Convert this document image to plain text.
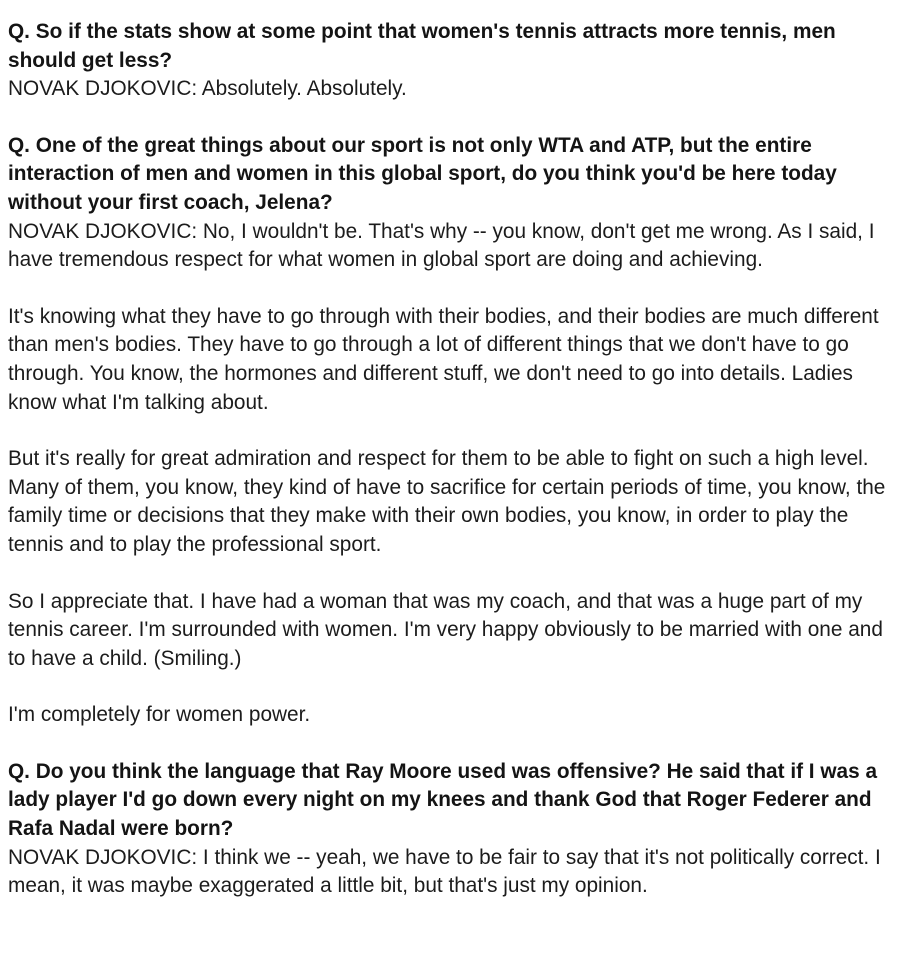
Q. So if the stats show at some point that women's tennis attracts more tennis, men should get less?

NOVAK DJOKOVIC: Absolutely. Absolutely.

Q. One of the great things about our sport is not only WTA and ATP, but the entire interaction of men and women in this global sport, do you think you'd be here today without your first coach, Jelena?

NOVAK DJOKOVIC: No, I wouldn't be. That's why -- you know, don't get me wrong. As I said, I have tremendous respect for what women in global sport are doing and achieving.

It's knowing what they have to go through with their bodies, and their bodies are much different than men's bodies. They have to go through a lot of different things that we don't have to go through. You know, the hormones and different stuff, we don't need to go into details. Ladies know what I'm talking about.

But it's really for great admiration and respect for them to be able to fight on such a high level. Many of them, you know, they kind of have to sacrifice for certain periods of time, you know, the family time or decisions that they make with their own bodies, you know, in order to play the tennis and to play the professional sport.

So I appreciate that. I have had a woman that was my coach, and that was a huge part of my tennis career. I'm surrounded with women. I'm very happy obviously to be married with one and to have a child. (Smiling.)

I'm completely for women power.

Q. Do you think the language that Ray Moore used was offensive? He said that if I was a lady player I'd go down every night on my knees and thank God that Roger Federer and Rafa Nadal were born?

NOVAK DJOKOVIC: I think we -- yeah, we have to be fair to say that it's not politically correct. I mean, it was maybe exaggerated a little bit, but that's just my opinion.
